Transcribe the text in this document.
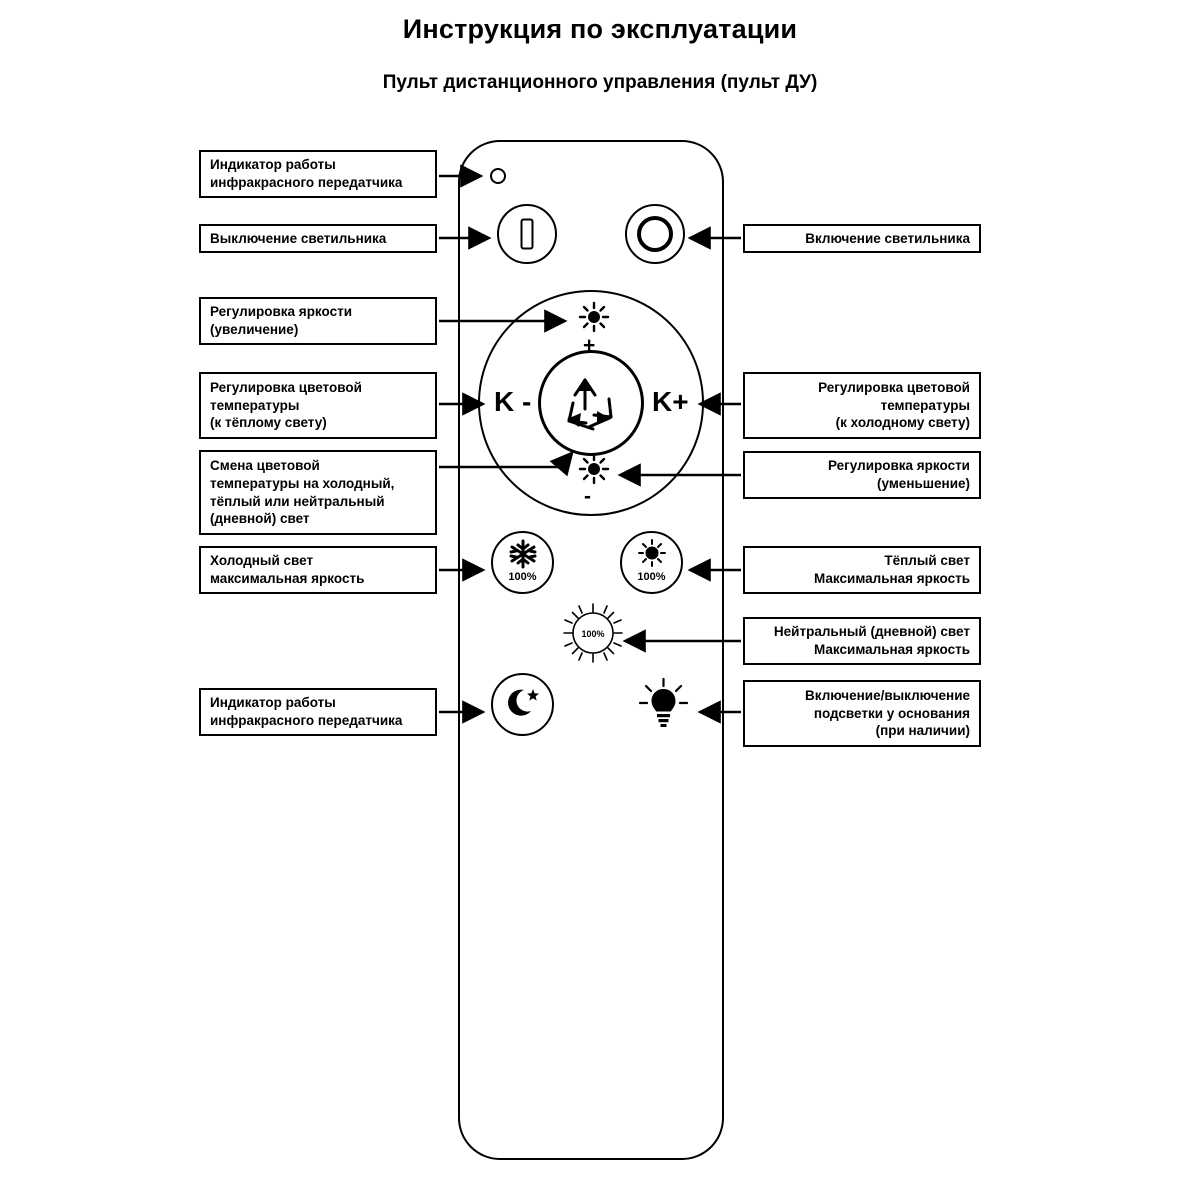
Инструкция по эксплуатации
Пульт дистанционного управления (пульт ДУ)
K -	K+
+
-
100%	100%
100%
Индикатор работы
инфракрасного передатчика
Выключение светильника
Регулировка яркости
(увеличение)
Регулировка цветовой
температуры
(к тёплому свету)
Смена цветовой
температуры на холодный,
тёплый или нейтральный
(дневной) свет
Холодный свет
максимальная яркость
Индикатор работы
инфракрасного передатчика
Включение светильника
Регулировка цветовой
температуры
(к холодному свету)
Регулировка яркости
(уменьшение)
Тёплый свет
Максимальная яркость
Нейтральный (дневной) свет
Максимальная яркость
Включение/выключение
подсветки у основания
(при наличии)
